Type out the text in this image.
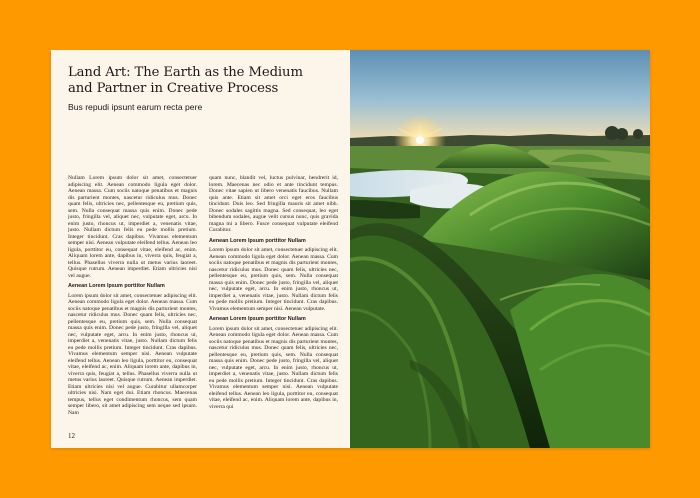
Land Art: The Earth as the Medium and Partner in Creative Process
Bus repudi ipsunt earum recta pere

Nullam Lorem ipsum dolor sit amet, consectetuer adipiscing elit. Aenean commodo ligula eget dolor. Aenean massa. Cum sociis natoque penatibus et magnis dis parturient montes, nascetur ridiculus mus. Donec quam felis, ultricies nec, pellentesque eu, pretium quis, sem. Nulla consequat massa quis enim. Donec pede justo, fringilla vel, aliquet nec, vulputate eget, arcu. In enim justo, rhoncus ut, imperdiet a, venenatis vitae, justo. Nullam dictum felis eu pede mollis pretium. Integer tincidunt. Cras dapibus. Vivamus elementum semper nisi. Aenean vulputate eleifend tellus. Aenean leo ligula, porttitor eu, consequat vitae, eleifend ac, enim. Aliquam lorem ante, dapibus in, viverra quis, feugiat a, tellus. Phasellus viverra nulla ut metus varius laoreet. Quisque rutrum. Aenean imperdiet. Etiam ultricies nisi vel augue.

Aenean Lorem Ipsum porttitor Nullam

Lorem ipsum dolor sit amet, consectetuer adipiscing elit. Aenean commodo ligula eget dolor. Aenean massa. Cum sociis natoque penatibus et magnis dis parturient montes, nascetur ridiculus mus. Donec quam felis, ultricies nec, pellentesque eu, pretium quis, sem. Nulla consequat massa quis enim. Donec pede justo, fringilla vel, aliquet nec, vulputate eget, arcu. In enim justo, rhoncus ut, imperdiet a, venenatis vitae, justo. Nullam dictum felis eu pede mollis pretium. Integer tincidunt. Cras dapibus. Vivamus elementum semper nisi. Aenean vulputate eleifend tellus. Aenean leo ligula, porttitor eu, consequat vitae, eleifend ac, enim. Aliquam lorem ante, dapibus in, viverra quis, feugiat a, tellus. Phasellus viverra nulla ut metus varius laoreet. Quisque rutrum. Aenean imperdiet. Etiam ultricies nisi vel augue. Curabitur ullamcorper ultricies nisi. Nam eget dui. Etiam rhoncus. Maecenas tempus, tellus eget condimentum rhoncus, sem quam semper libero, sit amet adipiscing sem neque sed ipsum. Nam

quam nunc, blandit vel, luctus pulvinar, hendrerit id, lorem. Maecenas nec odio et ante tincidunt tempus. Donec vitae sapien ut libero venenatis faucibus. Nullam quis ante. Etiam sit amet orci eget eros faucibus tincidunt. Duis leo. Sed fringilla mauris sit amet nibh. Donec sodales sagittis magna. Sed consequat, leo eget bibendum sodales, augue velit cursus nunc, quis gravida magna mi a libero. Fusce consequat vulputate eleifend Curabitur.

Aenean Lorem Ipsum porttitor Nullam

Lorem ipsum dolor sit amet, consectetuer adipiscing elit. Aenean commodo ligula eget dolor. Aenean massa. Cum sociis natoque penatibus et magnis dis parturient montes, nascetur ridiculus mus. Donec quam felis, ultricies nec, pellentesque eu, pretium quis, sem. Nulla consequat massa quis enim. Donec pede justo, fringilla vel, aliquet nec, vulputate eget, arcu. In enim justo, rhoncus ut, imperdiet a, venenatis vitae, justo. Nullam dictum felis eu pede mollis pretium. Integer tincidunt. Cras dapibus. Vivamus elementum semper nisi. Aenean vulputate.

Aenean Lorem Ipsum porttitor Nullam

Lorem ipsum dolor sit amet, consectetuer adipiscing elit. Aenean commodo ligula eget dolor. Aenean massa. Cum sociis natoque penatibus et magnis dis parturient montes, nascetur ridiculus mus. Donec quam felis, ultricies nec, pellentesque eu, pretium quis, sem. Nulla consequat massa quis enim. Donec pede justo, fringilla vel, aliquet nec, vulputate eget, arcu. In enim justo, rhoncus ut, imperdiet a, venenatis vitae, justo. Nullam dictum felis eu pede mollis pretium. Integer tincidunt. Cras dapibus. Vivamus elementum semper nisi. Aenean vulputate eleifend tellus. Aenean leo ligula, porttitor eu, consequat vitae, eleifend ac, enim. Aliquam lorem ante, dapibus in, viverra qui

12
